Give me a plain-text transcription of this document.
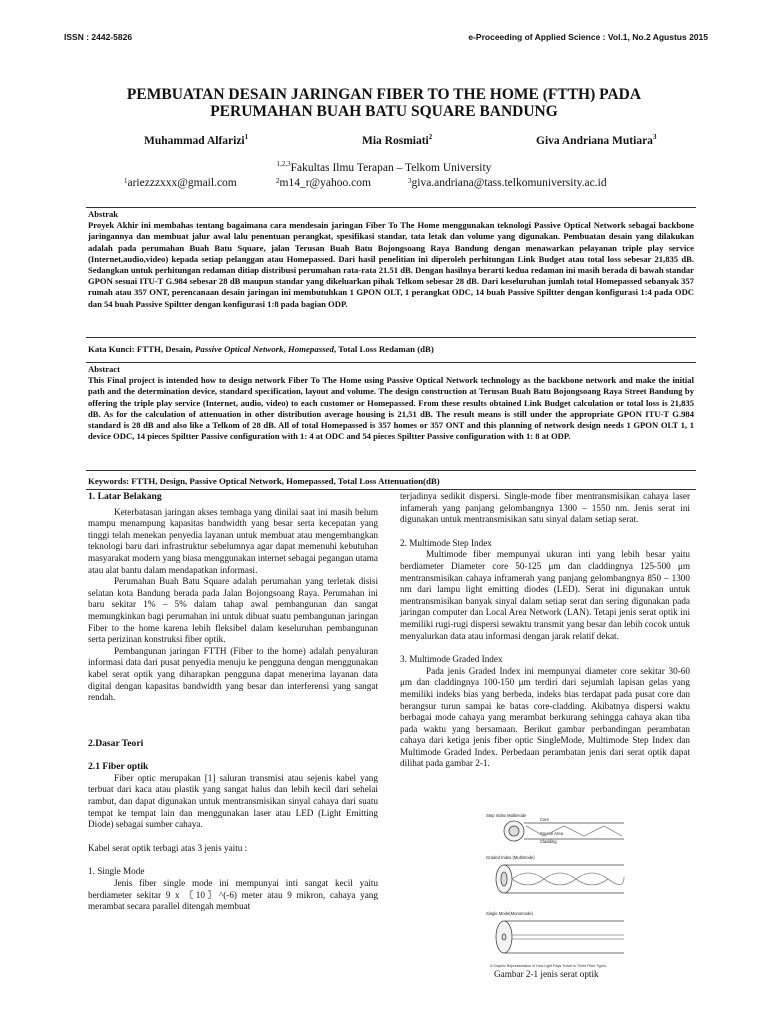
ISSN : 2442-5826	e-Proceeding of Applied Science : Vol.1, No.2 Agustus 2015
PEMBUATAN DESAIN JARINGAN FIBER TO THE HOME (FTTH) PADA
PERUMAHAN BUAH BATU SQUARE BANDUNG
Muhammad Alfarizi$^1$	Mia Rosmiati$^2$	Giva Andriana Mutiara$^3$
$^{1,2,3}$Fakultas Ilmu Terapan – Telkom University
$^1$ ariezzzxxx@gmail.com	$^2$ m14_r@yahoo.com	$^3$ giva.andriana@tass.telkomuniversity.ac.id
Abstrak
Proyek Akhir ini membahas tentang bagaimana cara mendesain jaringan Fiber To The Home menggunakan teknologi Passive Optical Network sebagai backbone jaringannya dan membuat jalur awal lalu penentuan perangkat, spesifikasi standar, tata letak dan volume yang digunakan. Pembuatan desain yang dilakukan adalah pada perumahan Buah Batu Square, jalan Terusan Buah Batu Bojongsoang Raya Bandung dengan menawarkan pelayanan triple play service (Internet,audio,video) kepada setiap pelanggan atau Homepassed. Dari hasil penelitian ini diperoleh perhitungan Link Budget atau total loss sebesar 21,835 dB. Sedangkan untuk perhitungan redaman ditiap distribusi perumahan rata-rata 21.51 dB. Dengan hasilnya berarti kedua redaman ini masih berada di bawah standar GPON sesuai ITU-T G.984 sebesar 28 dB maupun standar yang dikeluarkan pihak Telkom sebesar 28 dB. Dari keseluruhan jumlah total Homepassed sebanyak 357 rumah atau 357 ONT, perencanaan desain jaringan ini membutuhkan 1 GPON OLT, 1 perangkat ODC, 14 buah Passive Spiltter dengan konfigurasi 1:4 pada ODC dan 54 buah Passive Spiltter dengan konfigurasi 1:8 pada bagian ODP.
Kata Kunci: FTTH, Desain, Passive Optical Network, Homepassed, Total Loss Redaman (dB)
Abstract
This Final project is intended how to design network Fiber To The Home using Passive Optical Network technology as the backbone network and make the initial path and the determination device, standard specification, layout and volume. The design construction at Terusan Buah Batu Bojongsoang Raya Street Bandung by offering the triple play service (Internet, audio, video) to each customer or Homepassed. From these results obtained Link Budget calculation or total loss is 21,835 dB. As for the calculation of attenuation in other distribution average housing is 21,51 dB. The result means is still under the appropriate GPON ITU-T G.984 standard is 28 dB and also like a Telkom of 28 dB. All of total Homepassed is 357 homes or 357 ONT and this planning of network design needs 1 GPON OLT 1, 1 device ODC, 14 pieces Spiltter Passive configuration with 1: 4 at ODC and 54 pieces Spiltter Passive configuration with 1: 8 at ODP.
Keywords: FTTH, Design, Passive Optical Network, Homepassed, Total Loss Attenuation(dB)

1. Latar Belakang

Keterbatasan jaringan akses tembaga yang dinilai saat ini masih belum mampu menampung kapasitas bandwidth yang besar serta kecepatan yang tinggi telah menekan penyedia layanan untuk membuat atau mengembangkan teknologi baru dari infrastruktur sebelumnya agar dapat memenuhi kebutuhan masyarakat modern yang biasa menggunakan internet sebagai pegangan utama atau alat bantu dalam mendapatkan informasi.

Perumahan Buah Batu Square adalah perumahan yang terletak disisi selatan kota Bandung berada pada Jalan Bojongsoang Raya. Perumahan ini baru sekitar 1% – 5% dalam tahap awal pembangunan dan sangat memungkinkan bagi perumahan ini untuk dibuat suatu pembangunan jaringan Fiber to the home karena lebih fleksibel dalam keseluruhan pembangunan serta perizinan konstruksi fiber optik.

Pembangunan jaringan FTTH (Fiber to the home) adalah penyaluran informasi data dari pusat penyedia menuju ke pengguna dengan menggunakan kabel serat optik yang diharapkan pengguna dapat menerima layanan data digital dengan kapasitas bandwidth yang besar dan interferensi yang sangat rendah.

2.Dasar Teori

2.1 Fiber optik

Fiber optic merupakan [1] saluran transmisi atau sejenis kabel yang terbuat dari kaca atau plastik yang sangat halus dan lebih kecil dari sehelai rambut, dan dapat digunakan untuk mentransmisikan sinyal cahaya dari suatu tempat ke tempat lain dan menggunakan laser atau LED (Light Emitting Diode) sebagai sumber cahaya.

Kabel serat optik terbagi atas 3 jenis yaitu :

1. Single Mode

Jenis fiber single mode ini mempunyai inti sangat kecil yaitu berdiameter sekitar 9 x 〖10〗^(-6) meter atau 9 mikron, cahaya yang merambat secara parallel ditengah membuat

terjadinya sedikit dispersi. Single-mode fiber mentransmisikan cahaya laser infamerah yang panjang gelombangnya 1300 – 1550 nm. Jenis serat ini digunakan untuk mentransmisikan satu sinyal dalam setiap serat.

2. Multimode Step Index

Multimode fiber mempunyai ukuran inti yang lebih besar yaitu berdiameter Diameter core 50-125 μm dan claddingnya 125-500 μm mentransmisikan cahaya inframerah yang panjang gelombangnya 850 – 1300 nm dari lampu light emitting diodes (LED). Serat ini digunakan untuk mentransmisikan banyak sinyal dalam setiap serat dan sering digunakan pada jaringan computer dan Local Area Network (LAN). Tetapi jenis serat optik ini memiliki rugi-rugi dispersi sewaktu transmit yang besar dan lebih cocok untuk menyalurkan data atau informasi dengan jarak relatif dekat.

3. Multimode Graded Index

Pada jenis Graded Index ini mempunyai diameter core sekitar 30-60 μm dan claddingnya 100-150 μm terdiri dari sejumlah lapisan gelas yang memiliki indeks bias yang berbeda, indeks bias terdapat pada pusat core dan berangsur turun sampai ke batas core-cladding. Akibatnya dispersi waktu berbagai mode cahaya yang merambat berkurang sehingga cahaya akan tiba pada waktu yang bersamaan. Berikut gambar perbandingan perambatan cahaya dari ketiga jenis fiber optic SingleMode, Multimode Step Index dan Multimode Graded Index. Perbedaan perambatan jenis dari serat optik dapat dilihat pada gambar 2-1.

Step Index Multimode
Core
Source Area
Cladding
Graded Index (Multimode)
Single Mode(Monomode)
A Graphic Representation of How Light Rays Travel in Three Fiber Types
Gambar 2-1 jenis serat optik
